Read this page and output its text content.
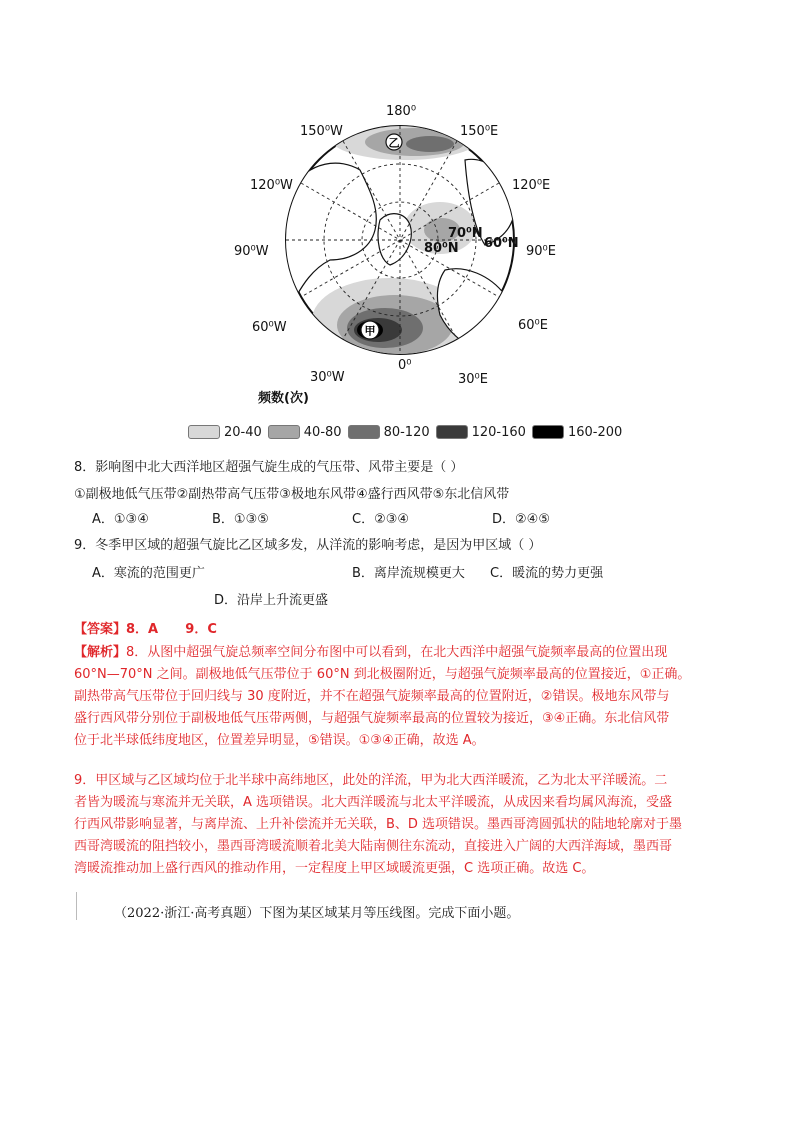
乙
甲
180⁰
150⁰W	150⁰E
120⁰W	120⁰E
90⁰W	90⁰E
60⁰W	60⁰E
30⁰W	30⁰E
0⁰
70⁰N
80⁰N 60⁰N
频数(次)
20-40	40-80	80-120	120-160	160-200
8．影响图中北大西洋地区超强气旋生成的气压带、风带主要是（ ）
①副极地低气压带②副热带高气压带③极地东风带④盛行西风带⑤东北信风带
A．①③④	B．①③⑤	C．②③④	D．②④⑤
9．冬季甲区域的超强气旋比乙区域多发，从洋流的影响考虑，是因为甲区域（ ）
A．寒流的范围更广	B．离岸流规模更大 C．暖流的势力更强
D．沿岸上升流更盛
【答案】8．A      9．C
【解析】8．从图中超强气旋总频率空间分布图中可以看到，在北大西洋中超强气旋频率最高的位置出现
60°N—70°N 之间。副极地低气压带位于 60°N 到北极圈附近，与超强气旋频率最高的位置接近，①正确。
副热带高气压带位于回归线与 30 度附近，并不在超强气旋频率最高的位置附近，②错误。极地东风带与
盛行西风带分别位于副极地低气压带两侧，与超强气旋频率最高的位置较为接近，③④正确。东北信风带
位于北半球低纬度地区，位置差异明显，⑤错误。①③④正确，故选 A。
9．甲区域与乙区域均位于北半球中高纬地区，此处的洋流，甲为北大西洋暖流，乙为北太平洋暖流。二
者皆为暖流与寒流并无关联，A 选项错误。北大西洋暖流与北太平洋暖流，从成因来看均属风海流，受盛
行西风带影响显著，与离岸流、上升补偿流并无关联，B、D 选项错误。墨西哥湾圆弧状的陆地轮廓对于墨
西哥湾暖流的阻挡较小，墨西哥湾暖流顺着北美大陆南侧往东流动，直接进入广阔的大西洋海域，墨西哥
湾暖流推动加上盛行西风的推动作用，一定程度上甲区域暖流更强，C 选项正确。故选 C。
（2022·浙江·高考真题）下图为某区域某月等压线图。完成下面小题。
